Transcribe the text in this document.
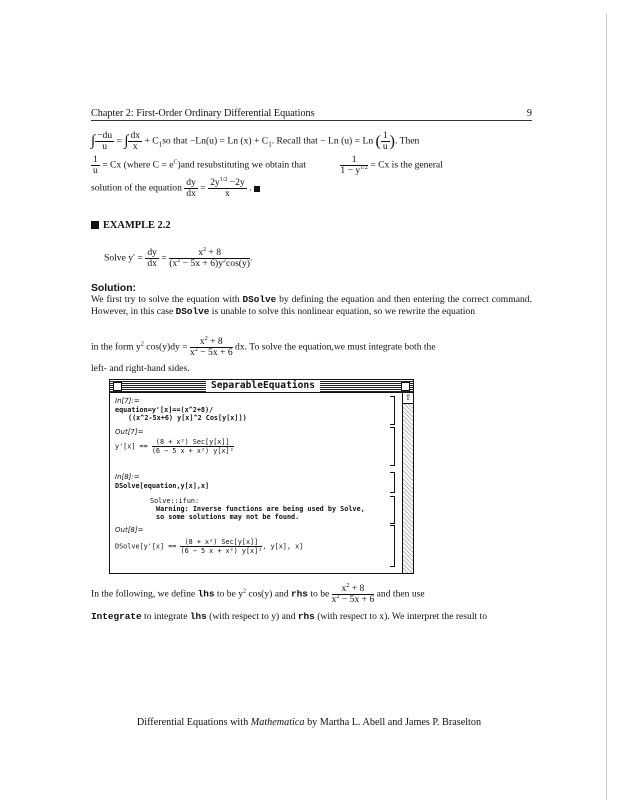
Chapter 2: First-Order Ordinary Differential Equations	9
∫ $\frac{-du}{u}$ = ∫ $\frac{dx}{x} + C_1so$ that −Ln(u) = Ln $(x) + C_1$. Recall that − Ln (u) = Ln ( $\frac{1}{u}$ ). Then
$\frac{1}{u} = Cx$ (where $C = e^C)and$ resubstituting we obtain that	$\frac{1}{1 - y^{1/2}} = Cx$ is the general
solution of the equation $\frac{dy}{dx} = \frac{2y^{1/2} -2y}{x}$ .
EXAMPLE 2.2
Solve $y' = \frac{dy}{dx} = \frac{x^2 + 8}{(x^2 - 5x + 6)y^2\cos(y)}$ .
Solution:
We first try to solve the equation with DSolve by defining the equation and then entering the correct command. However, in this case DSolve is unable to solve this nonlinear equation, so we rewrite the equation
in the form $y^2$ $\cos(y)dy = \frac{x^2 + 8}{x^2 - 5x + 6}$ dx. To solve the equation,we must integrate both the
left- and right-hand sides.
SeparableEquations
⇧
In[7]:=
equation=y'[x]==(x^2+8)/
((x^2-5x+6) y[x]^2 Cos[y[x]])
Out[7]=
y'[x] ==
(8 + x²) Sec[y[x]]
(6 − 5 x + x²) y[x]²
In[8]:=
DSolve[equation,y[x],x]
Solve::ifun:
Warning: Inverse functions are being used by Solve,
so some solutions may not be found.
Out[8]=
DSolve[y'[x] ==
(8 + x²) Sec[y[x]]
(6 − 5 x + x²) y[x]², y[x], x]
In the following, we define lhs to be $y^2$ cos(y) and rhs to be $\frac{x^2 + 8}{x^2 - 5x + 6}$ and then use
Integrate to integrate lhs (with respect to y) and rhs (with respect to x). We interpret the result to
Differential Equations with Mathematica by Martha L. Abell and James P. Braselton
